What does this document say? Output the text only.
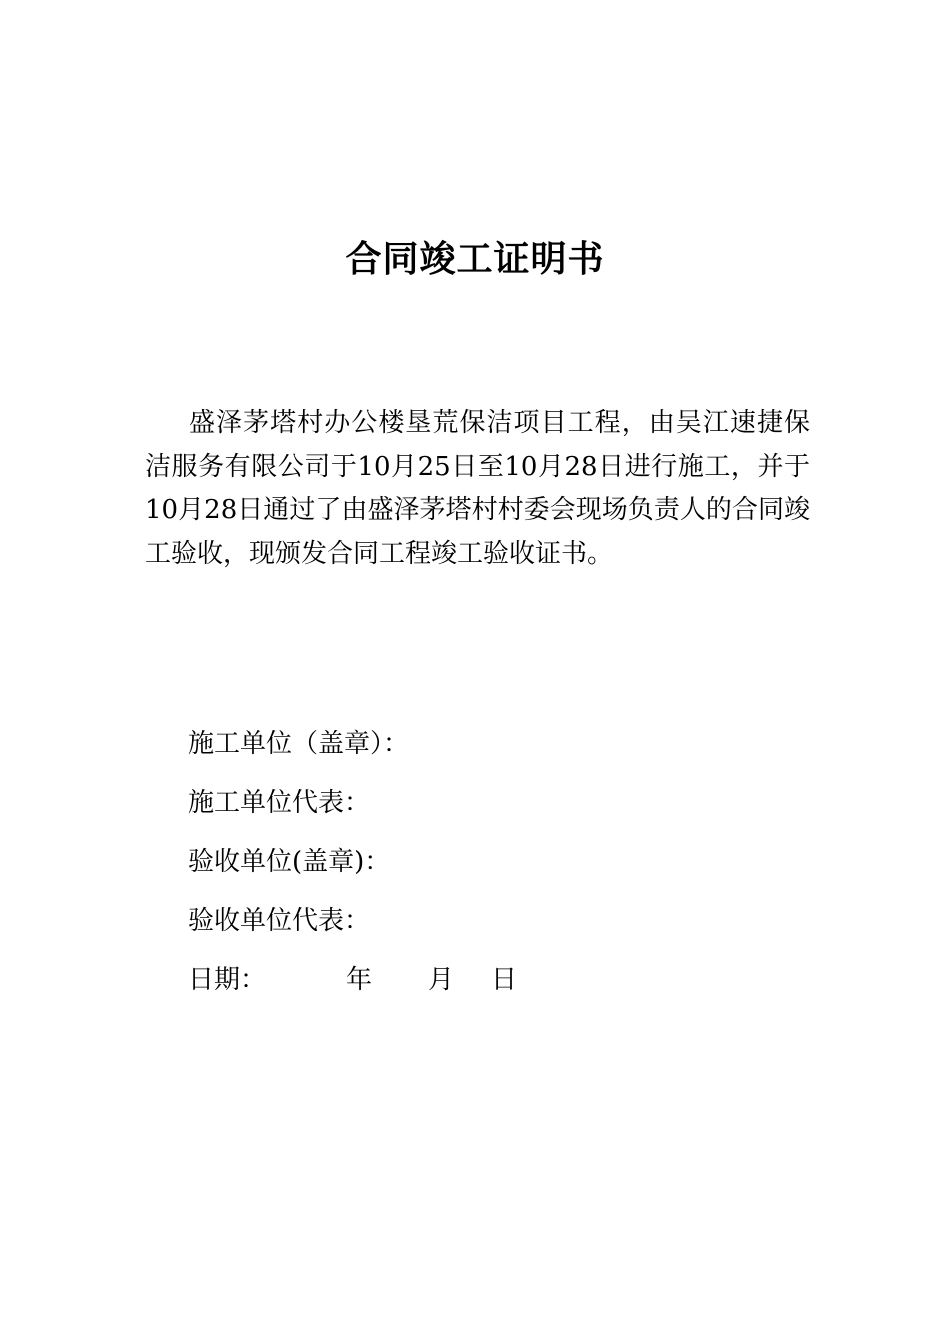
合同竣工证明书

盛泽茅塔村办公楼垦荒保洁项目工程，由吴江速捷保洁服务有限公司于10月25日至10月28日进行施工，并于10月28日通过了由盛泽茅塔村村委会现场负责人的合同竣工验收，现颁发合同工程竣工验收证书。

施工单位（盖章）：
施工单位代表：
验收单位(盖章)：
验收单位代表：
日期：	年	月	日
